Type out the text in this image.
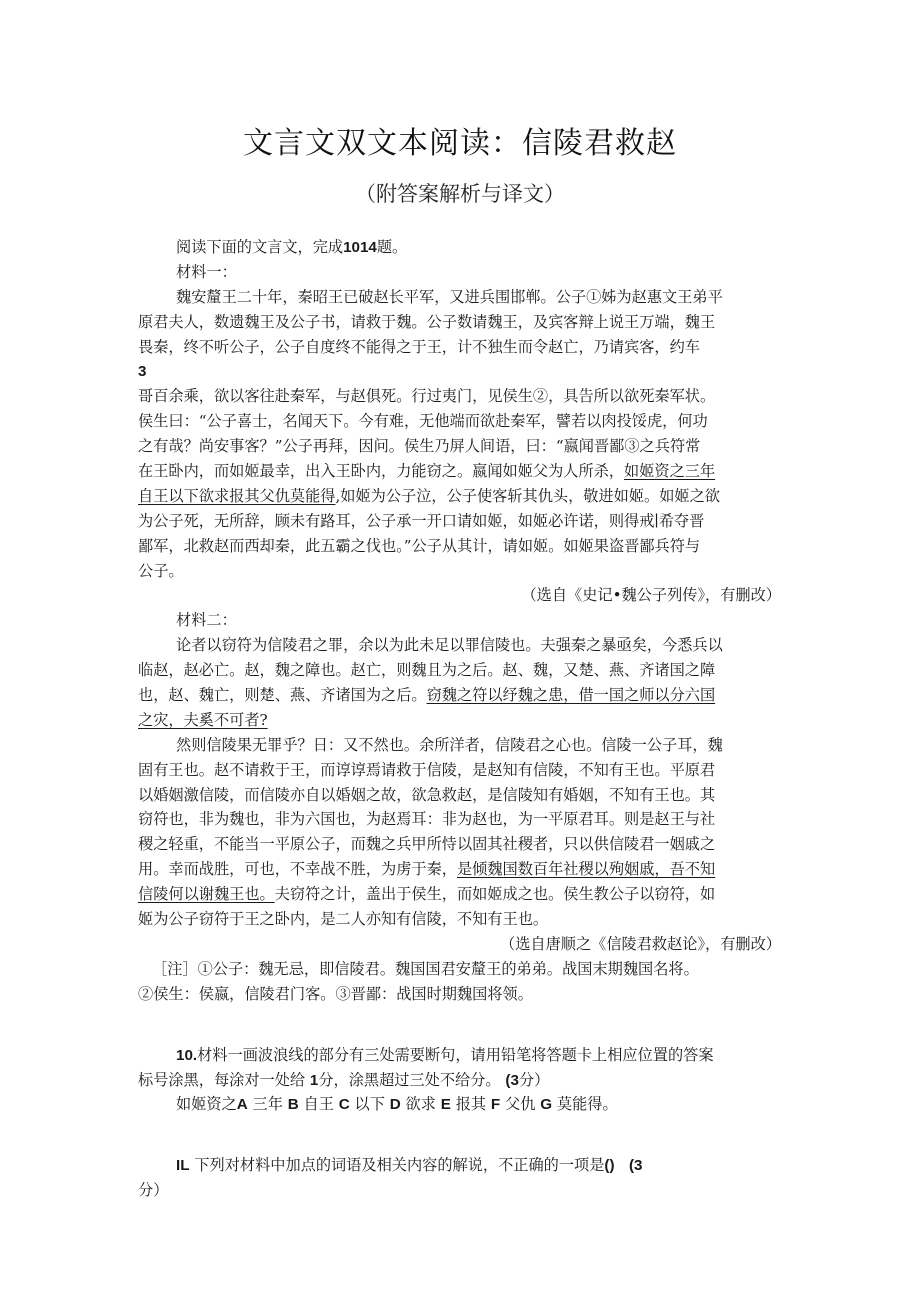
文言文双文本阅读：信陵君救赵
（附答案解析与译文）
阅读下面的文言文，完成1014题。
材料一：
魏安釐王二十年，秦昭王已破赵长平军，又进兵围邯郸。公子①姊为赵惠文王弟平
原君夫人，数遗魏王及公子书，请救于魏。公子数请魏王，及宾客辩上说王万端，魏王
畏秦，终不听公子，公子自度终不能得之于王，计不独生而令赵亡，乃请宾客，约车
3
哥百余乘，欲以客往赴秦军，与赵俱死。行过夷门，见侯生②，具告所以欲死秦军状。
侯生曰：“公子喜士，名闻天下。今有难，无他端而欲赴秦军，譬若以肉投馁虎，何功
之有哉？尚安事客？”公子再拜，因问。侯生乃屏人间语，曰：“嬴闻晋鄙③之兵符常
在王卧内，而如姬最幸，出入王卧内，力能窃之。嬴闻如姬父为人所杀，如姬资之三年
自王以下欲求报其父仇莫能得,如姬为公子泣，公子使客斩其仇头，敬进如姬。如姬之欲
为公子死，无所辞，顾未有路耳，公子承一开口请如姬，如姬必许诺，则得戒∣希夺晋
鄙军，北救赵而西却秦，此五霸之伐也。”公子从其计，请如姬。如姬果盗晋鄙兵符与
公子。
（选自《史记•魏公子列传》，有删改）
材料二：
论者以窃符为信陵君之罪，余以为此未足以罪信陵也。夫强秦之暴亟矣，今悉兵以
临赵，赵必亡。赵，魏之障也。赵亡，则魏且为之后。赵、魏，又楚、燕、齐诸国之障
也，赵、魏亡，则楚、燕、齐诸国为之后。窃魏之符以纾魏之患，借一国之师以分六国
之灾，夫奚不可者?
然则信陵果无罪乎？日：又不然也。余所洋者，信陵君之心也。信陵一公子耳，魏
固有王也。赵不请救于王，而谆谆焉请救于信陵，是赵知有信陵，不知有王也。平原君
以婚姻激信陵，而信陵亦自以婚姻之故，欲急救赵，是信陵知有婚姻，不知有王也。其
窃符也，非为魏也，非为六国也，为赵焉耳：非为赵也，为一平原君耳。则是赵王与社
稷之轻重，不能当一平原公子，而魏之兵甲所恃以固其社稷者，只以供信陵君一姻戚之
用。幸而战胜，可也，不幸战不胜，为虏于秦，是倾魏国数百年社稷以殉姻戚，吾不知
信陵何以谢魏王也。夫窃符之计，盖出于侯生，而如姬成之也。侯生教公子以窃符，如
姬为公子窃符于王之卧内，是二人亦知有信陵，不知有王也。
（选自唐顺之《信陵君救赵论》，有删改）
［注］①公子：魏无忌，即信陵君。魏国国君安釐王的弟弟。战国末期魏国名将。
②侯生：侯嬴，信陵君门客。③晋鄙：战国时期魏国将领。
10.材料一画波浪线的部分有三处需要断句，请用铅笔将答题卡上相应位置的答案
标号涂黑，每涂对一处给 1分，涂黑超过三处不给分。 (3分）
如姬资之A 三年 B 自王 C 以下 D 欲求 E 报其 F 父仇 G 莫能得。
IL 下列对材料中加点的词语及相关内容的解说，不正确的一项是() (3
分）
